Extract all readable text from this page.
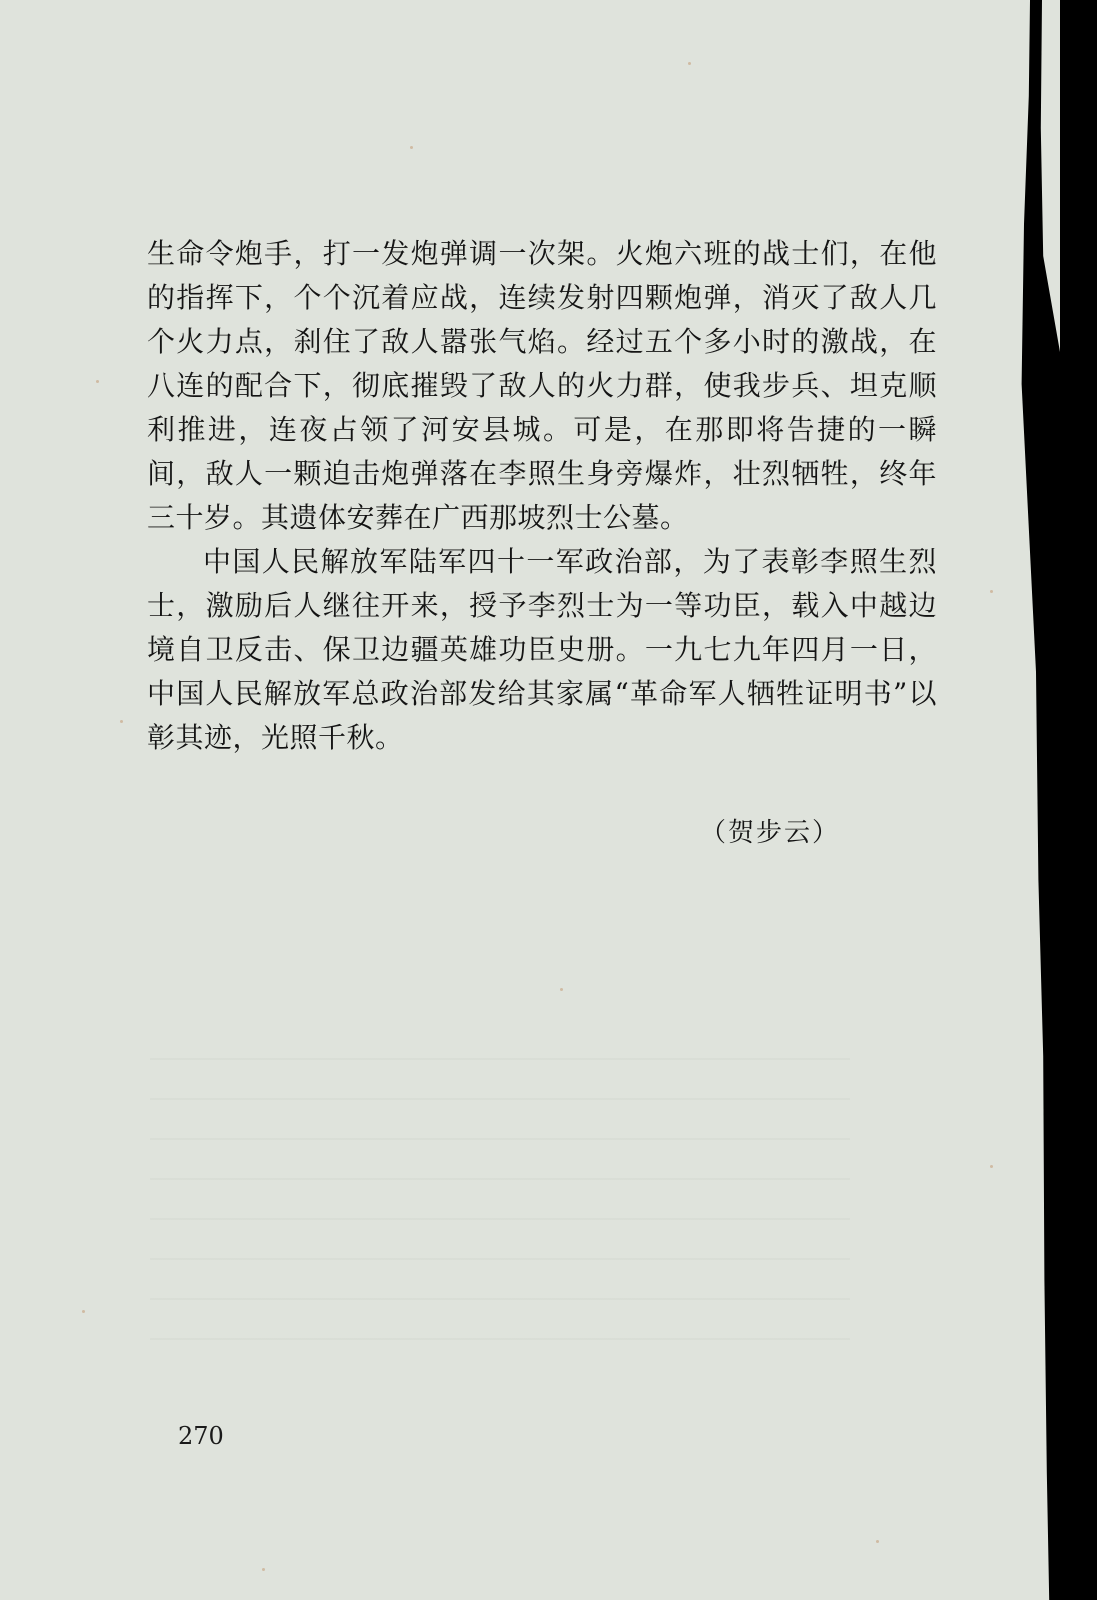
生命令炮手，打一发炮弹调一次架。火炮六班的战士们，在他的指挥下，个个沉着应战，连续发射四颗炮弹，消灭了敌人几个火力点，刹住了敌人嚣张气焰。经过五个多小时的激战，在八连的配合下，彻底摧毁了敌人的火力群，使我步兵、坦克顺利推进，连夜占领了河安县城。可是，在那即将告捷的一瞬间，敌人一颗迫击炮弹落在李照生身旁爆炸，壮烈牺牲，终年三十岁。其遗体安葬在广西那坡烈士公墓。

中国人民解放军陆军四十一军政治部，为了表彰李照生烈士，激励后人继往开来，授予李烈士为一等功臣，载入中越边境自卫反击、保卫边疆英雄功臣史册。一九七九年四月一日，中国人民解放军总政治部发给其家属“革命军人牺牲证明书”以彰其迹，光照千秋。

（贺步云）
270
